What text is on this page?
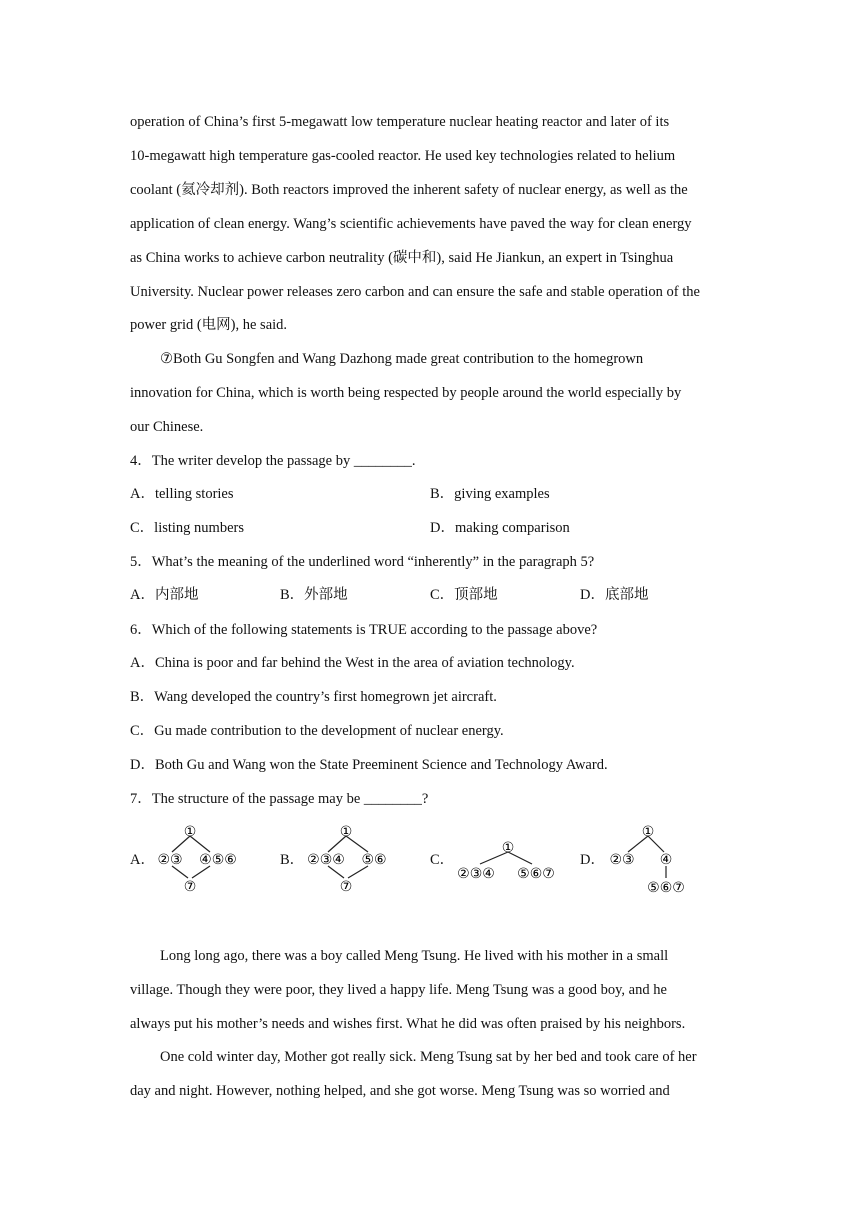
operation of China’s first 5-megawatt low temperature nuclear heating reactor and later of its
10-megawatt high temperature gas-cooled reactor. He used key technologies related to helium
coolant (氦冷却剂). Both reactors improved the inherent safety of nuclear energy, as well as the
application of clean energy. Wang’s scientific achievements have paved the way for clean energy
as China works to achieve carbon neutrality (碳中和), said He Jiankun, an expert in Tsinghua
University. Nuclear power releases zero carbon and can ensure the safe and stable operation of the
power grid (电网), he said.
⑦Both Gu Songfen and Wang Dazhong made great contribution to the homegrown
innovation for China, which is worth being respected by people around the world especially by
our Chinese.
4．The writer develop the passage by ________.
A．telling stories	B．giving examples
C．listing numbers	D．making comparison
5．What’s the meaning of the underlined word “inherently” in the paragraph 5?
A．内部地	B．外部地	C．顶部地	D．底部地
6．Which of the following statements is TRUE according to the passage above?
A．China is poor and far behind the West in the area of aviation technology.
B．Wang developed the country’s first homegrown jet aircraft.
C．Gu made contribution to the development of nuclear energy.
D．Both Gu and Wang won the State Preeminent Science and Technology Award.
7．The structure of the passage may be ________?
A．
①
②③ ④⑤⑥
⑦
B．
①
②③④ ⑤⑥
⑦
C．
①
②③④ ⑤⑥⑦
D．
①
②③ ④
⑤⑥⑦
Long long ago, there was a boy called Meng Tsung. He lived with his mother in a small
village. Though they were poor, they lived a happy life. Meng Tsung was a good boy, and he
always put his mother’s needs and wishes first. What he did was often praised by his neighbors.
One cold winter day, Mother got really sick. Meng Tsung sat by her bed and took care of her
day and night. However, nothing helped, and she got worse. Meng Tsung was so worried and
